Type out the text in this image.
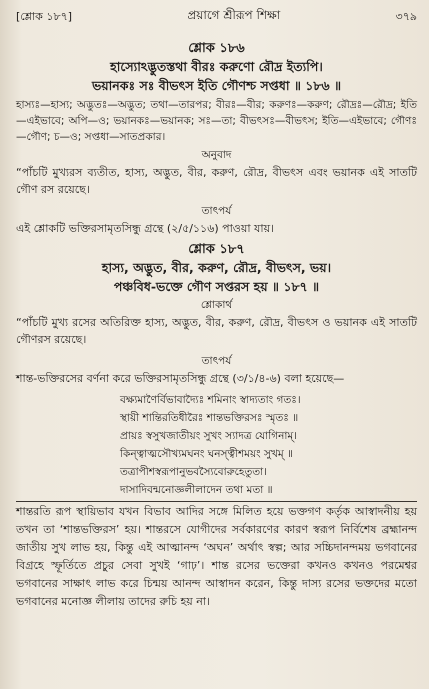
[শ্লোক ১৮৭]	প্রয়াগে শ্রীরূপ শিক্ষা	৩৭৯
শ্লোক ১৮৬
হাস্যোঽদ্ভুতস্তথা বীরঃ করুণো রৌদ্র ইত্যপি।
ভয়ানকঃ সঃ বীভৎস ইতি গৌণশ্চ সপ্তধা ॥ ১৮৬ ॥
হাস্যঃ—হাস্য; অদ্ভুতঃ—অদ্ভুত; তথা—তারপর; বীরঃ—বীর; করুণঃ—করুণ; রৌদ্রঃ—রৌদ্র; ইতি—এইভাবে; অপি—ও; ভয়ানকঃ—ভয়ানক; সঃ—তা; বীভৎসঃ—বীভৎস; ইতি—এইভাবে; গৌণঃ—গৌণ; চ—ও; সপ্তধা—সাতপ্রকার।
অনুবাদ
“পাঁচটি মুখ্যরস ব্যতীত, হাস্য, অদ্ভুত, বীর, করুণ, রৌদ্র, বীভৎস এবং ভয়ানক এই সাতটি গৌণ রস রয়েছে।
তাৎপর্য
এই শ্লোকটি ভক্তিরসামৃতসিন্ধু গ্রন্থে (২/৫/১১৬) পাওয়া যায়।
শ্লোক ১৮৭
হাস্য, অদ্ভুত, বীর, করুণ, রৌদ্র, বীভৎস, ভয়।
পঞ্চবিধ-ভক্তে গৌণ সপ্তরস হয় ॥ ১৮৭ ॥
শ্লোকার্থ
“পাঁচটি মুখ্য রসের অতিরিক্ত হাস্য, অদ্ভুত, বীর, করুণ, রৌদ্র, বীভৎস ও ভয়ানক এই সাতটি গৌণরস রয়েছে।
তাৎপর্য
শান্ত-ভক্তিরসের বর্ণনা করে ভক্তিরসামৃতসিন্ধু গ্রন্থে (৩/১/৪-৬) বলা হয়েছে—
বক্ষ্যমাণৈর্বিভাবাদ্যৈঃ শমিনাং স্বাদ্যতাং গতঃ।
স্থায়ী শান্তিরতিধীরৈঃ শান্তভক্তিরসঃ স্মৃতঃ ॥
প্রায়ঃ স্বসুখজাতীয়ং সুখং স্যাদত্র যোগিনাম্।
কিন্ত্বাত্মসৌখ্যমঘনং ঘনস্ত্বীশময়ং সুখম্ ॥
তত্রাপীশস্বরূপানুভবস্যৈবোরুহেতুতা।
দাসাদিবন্মনোজ্ঞলীলাদেন তথা মতা ॥
শান্তরতি রূপ স্থায়িভাব যখন বিভাব আদির সঙ্গে মিলিত হয়ে ভক্তগণ কর্তৃক আস্বাদনীয় হয় তখন তা ‘শান্তভক্তিরস’ হয়। শান্তরসে যোগীদের সর্বকারণের কারণ স্বরূপ নির্বিশেষ ব্রহ্মানন্দ জাতীয় সুখ লাভ হয়, কিন্তু এই আত্মানন্দ ‘অঘন’ অর্থাৎ স্বল্প; আর সচ্চিদানন্দময় ভগবানের বিগ্রহে স্ফূর্তিতে প্রচুর সেবা সুখই ‘গাঢ়’। শান্ত রসের ভক্তেরা কখনও কখনও পরমেশ্বর ভগবানের সাক্ষাৎ লাভ করে চিন্ময় আনন্দ আস্বাদন করেন, কিন্তু দাস্য রসের ভক্তদের মতো ভগবানের মনোজ্ঞ লীলায় তাদের রুচি হয় না।
